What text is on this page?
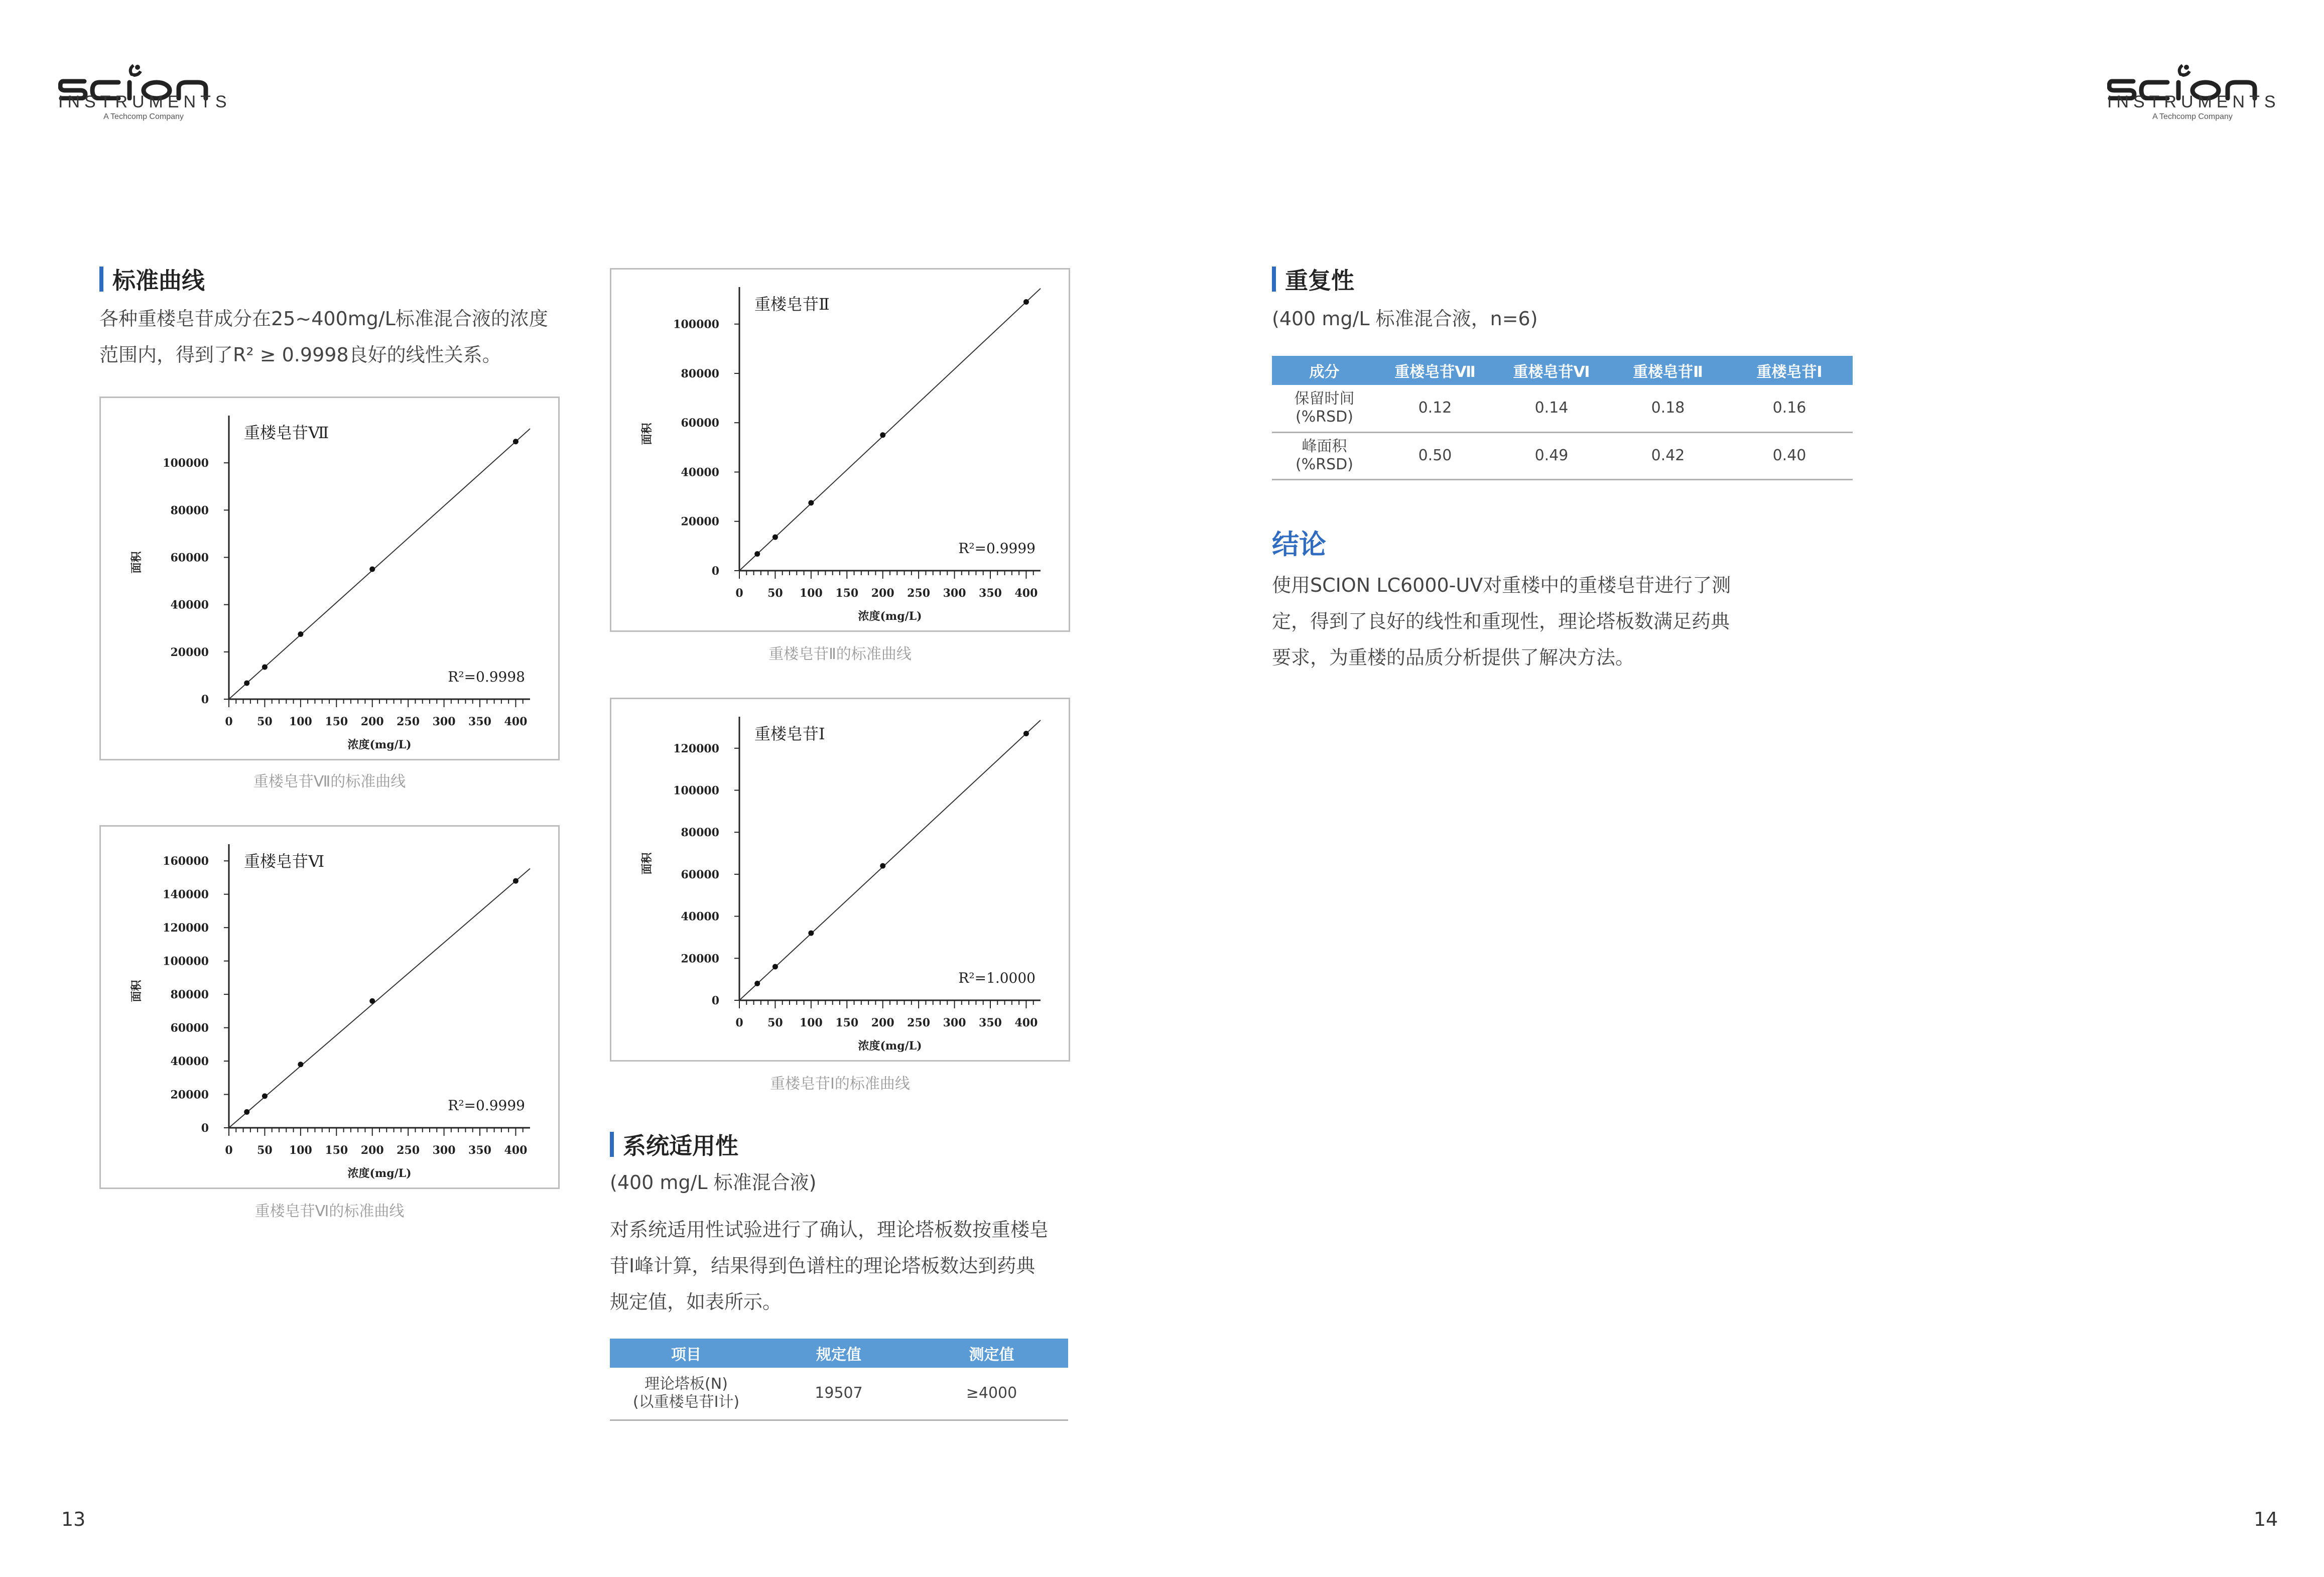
INSTRUMENTS
A Techcomp Company
INSTRUMENTS
A Techcomp Company
标准曲线
各种重楼皂苷成分在25~400mg/L标准混合液的浓度
范围内，得到了R² ≥ 0.9998良好的线性关系。
0 50 100 150 200 250 300 350 400
0
20000
40000
60000
80000
100000
重楼皂苷Ⅶ
R²=0.9998
浓度(mg/L)
面积
重楼皂苷Ⅶ的标准曲线
0 50 100 150 200 250 300 350 400
0
20000
40000
60000
80000
100000
120000
140000
160000 重楼皂苷Ⅵ
R²=0.9999
浓度(mg/L)
面积
重楼皂苷Ⅵ的标准曲线
0 50 100 150 200 250 300 350 400
0
20000
40000
60000
80000
100000
重楼皂苷Ⅱ
R²=0.9999
浓度(mg/L)
面积
重楼皂苷Ⅱ的标准曲线
0 50 100 150 200 250 300 350 400
0
20000
40000
60000
80000
100000
120000
重楼皂苷Ⅰ
R²=1.0000
浓度(mg/L)
面积
重楼皂苷Ⅰ的标准曲线
系统适用性
(400 mg/L 标准混合液)
对系统适用性试验进行了确认，理论塔板数按重楼皂
苷Ⅰ峰计算，结果得到色谱柱的理论塔板数达到药典
规定值，如表所示。
项目	规定值	测定值

理论塔板(N)
(以重楼皂苷Ⅰ计)	19507	≥4000
重复性
(400 mg/L 标准混合液，n=6)
成分	重楼皂苷Ⅶ	重楼皂苷Ⅵ	重楼皂苷Ⅱ	重楼皂苷Ⅰ

保留时间
(%RSD)	0.12	0.14	0.18	0.16

峰面积
(%RSD)	0.50	0.49	0.42	0.40
结论
使用SCION LC6000-UV对重楼中的重楼皂苷进行了测
定，得到了良好的线性和重现性，理论塔板数满足药典
要求，为重楼的品质分析提供了解决方法。
13	14
